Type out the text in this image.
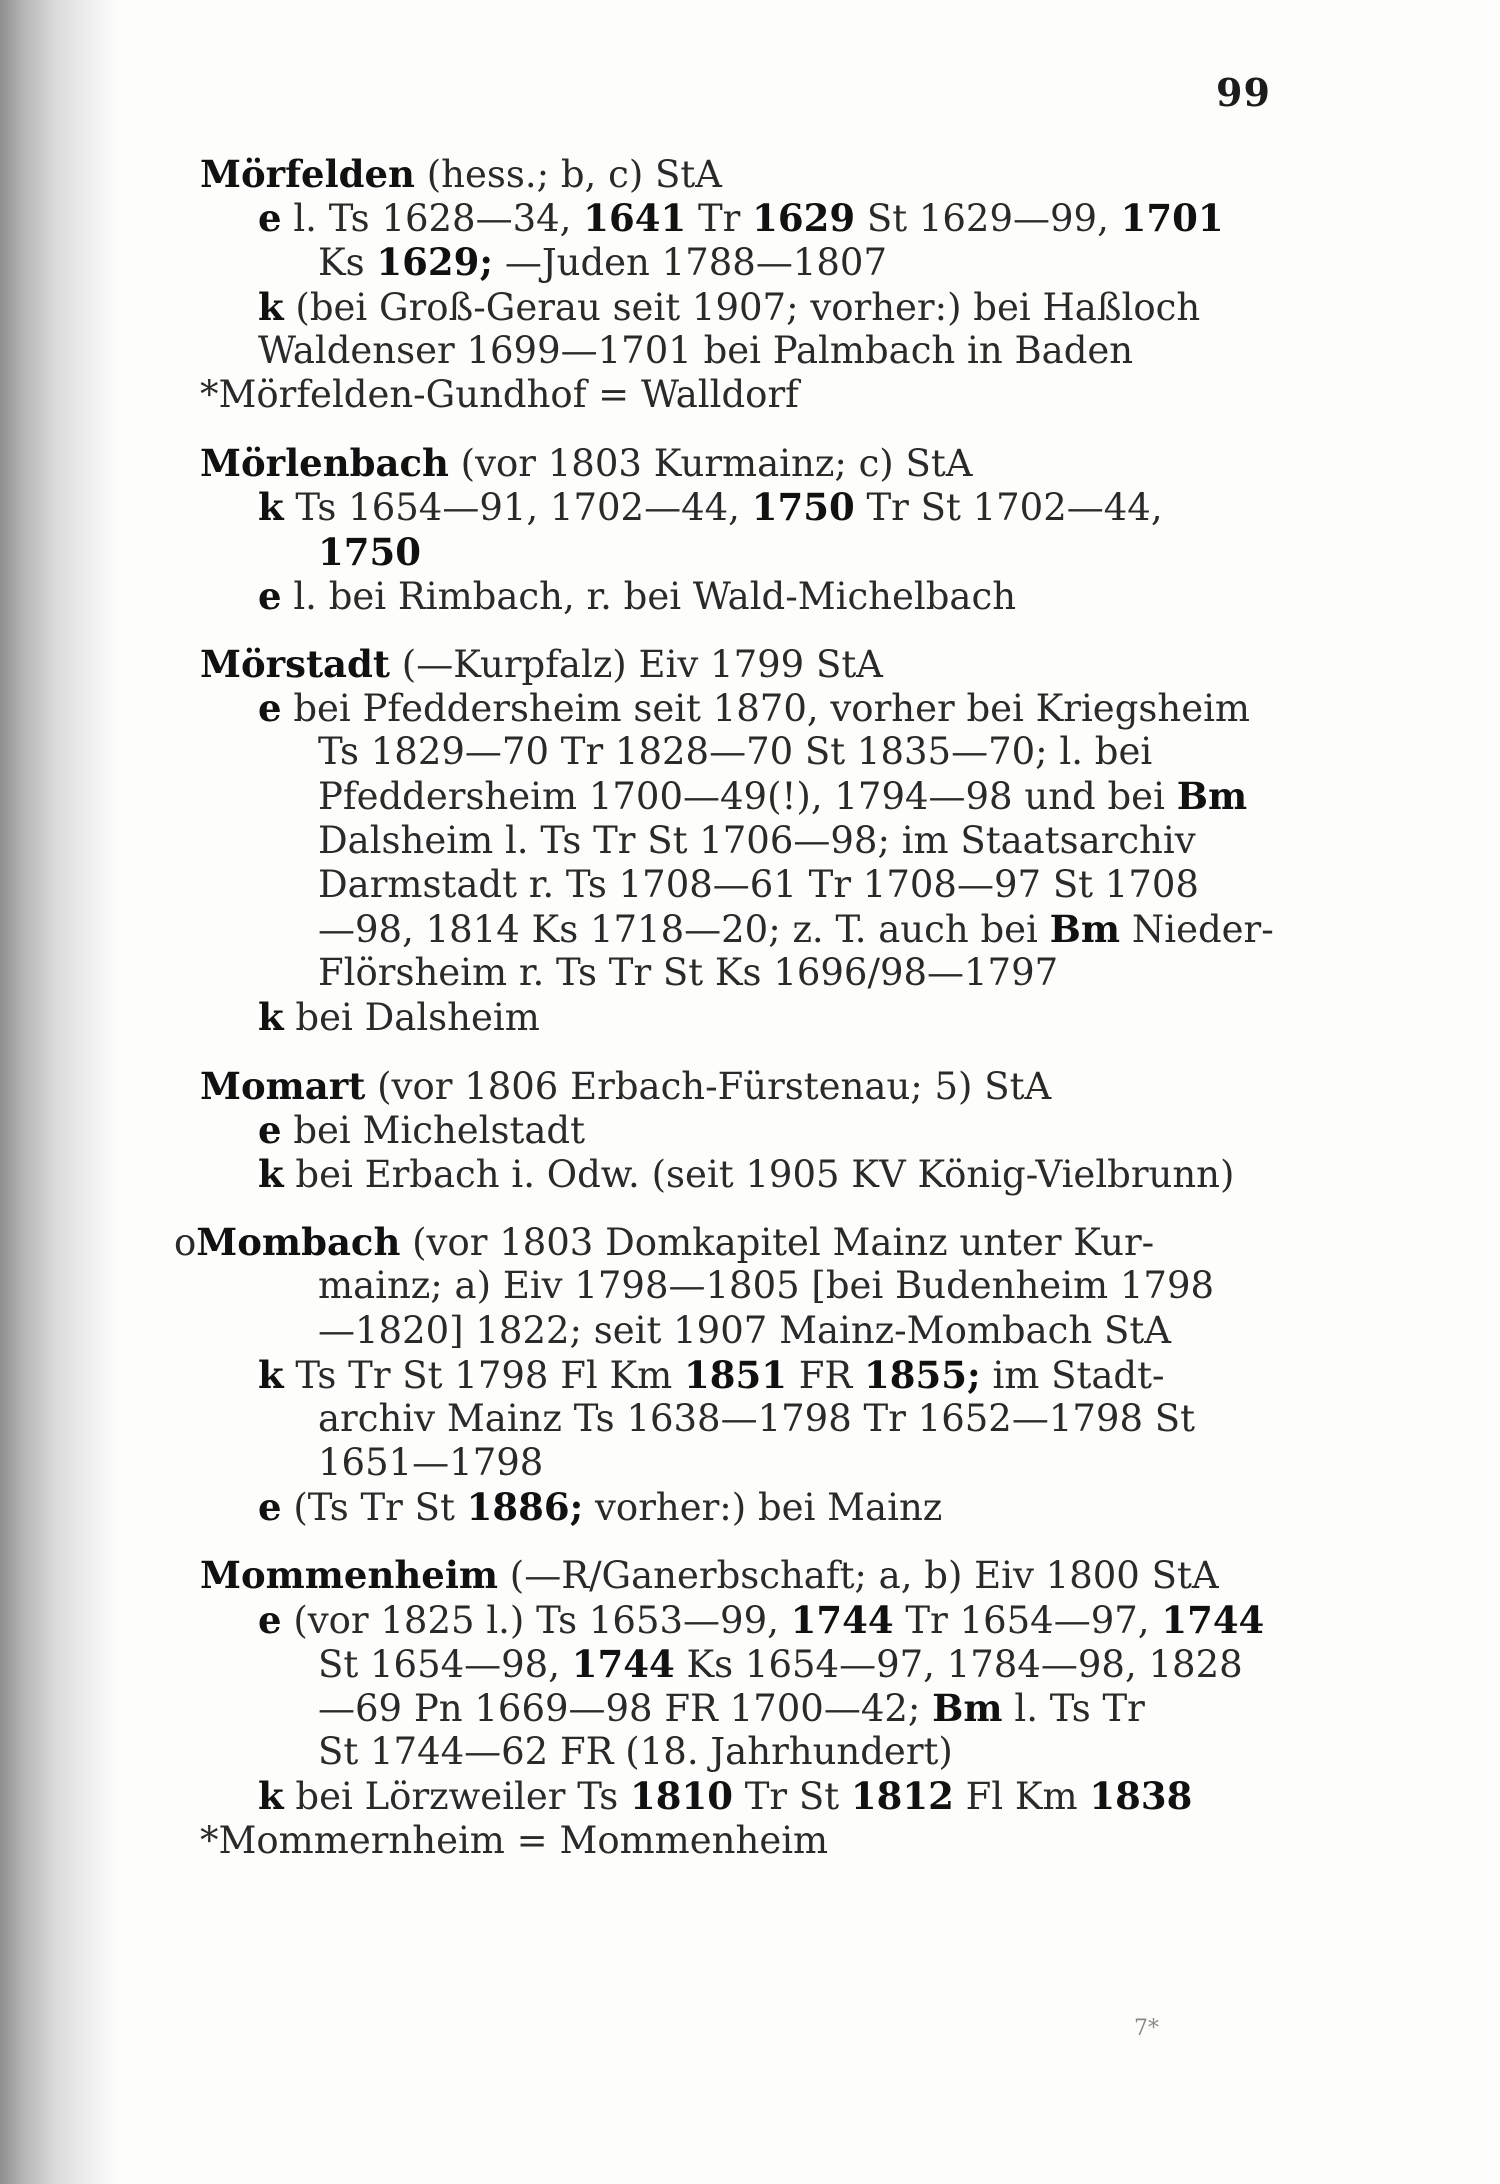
99
Mörfelden (hess.; b, c) StA
e l. Ts 1628—34, 1641 Tr 1629 St 1629—99, 1701
Ks 1629; —Juden 1788—1807
k (bei Groß-Gerau seit 1907; vorher:) bei Haßloch
Waldenser 1699—1701 bei Palmbach in Baden
*Mörfelden-Gundhof = Walldorf
Mörlenbach (vor 1803 Kurmainz; c) StA
k Ts 1654—91, 1702—44, 1750 Tr St 1702—44,
1750
e l. bei Rimbach, r. bei Wald-Michelbach
Mörstadt (—Kurpfalz) Eiv 1799 StA
e bei Pfeddersheim seit 1870, vorher bei Kriegsheim
Ts 1829—70 Tr 1828—70 St 1835—70; l. bei
Pfeddersheim 1700—49(!), 1794—98 und bei Bm
Dalsheim l. Ts Tr St 1706—98; im Staatsarchiv
Darmstadt r. Ts 1708—61 Tr 1708—97 St 1708
—98, 1814 Ks 1718—20; z. T. auch bei Bm Nieder-
Flörsheim r. Ts Tr St Ks 1696/98—1797
k bei Dalsheim
Momart (vor 1806 Erbach-Fürstenau; 5) StA
e bei Michelstadt
k bei Erbach i. Odw. (seit 1905 KV König-Vielbrunn)
oMombach (vor 1803 Domkapitel Mainz unter Kur-
mainz; a) Eiv 1798—1805 [bei Budenheim 1798
—1820] 1822; seit 1907 Mainz-Mombach StA
k Ts Tr St 1798 Fl Km 1851 FR 1855; im Stadt-
archiv Mainz Ts 1638—1798 Tr 1652—1798 St
1651—1798
e (Ts Tr St 1886; vorher:) bei Mainz
Mommenheim (—R/Ganerbschaft; a, b) Eiv 1800 StA
e (vor 1825 l.) Ts 1653—99, 1744 Tr 1654—97, 1744
St 1654—98, 1744 Ks 1654—97, 1784—98, 1828
—69 Pn 1669—98 FR 1700—42; Bm l. Ts Tr
St 1744—62 FR (18. Jahrhundert)
k bei Lörzweiler Ts 1810 Tr St 1812 Fl Km 1838
*Mommernheim = Mommenheim
7*
